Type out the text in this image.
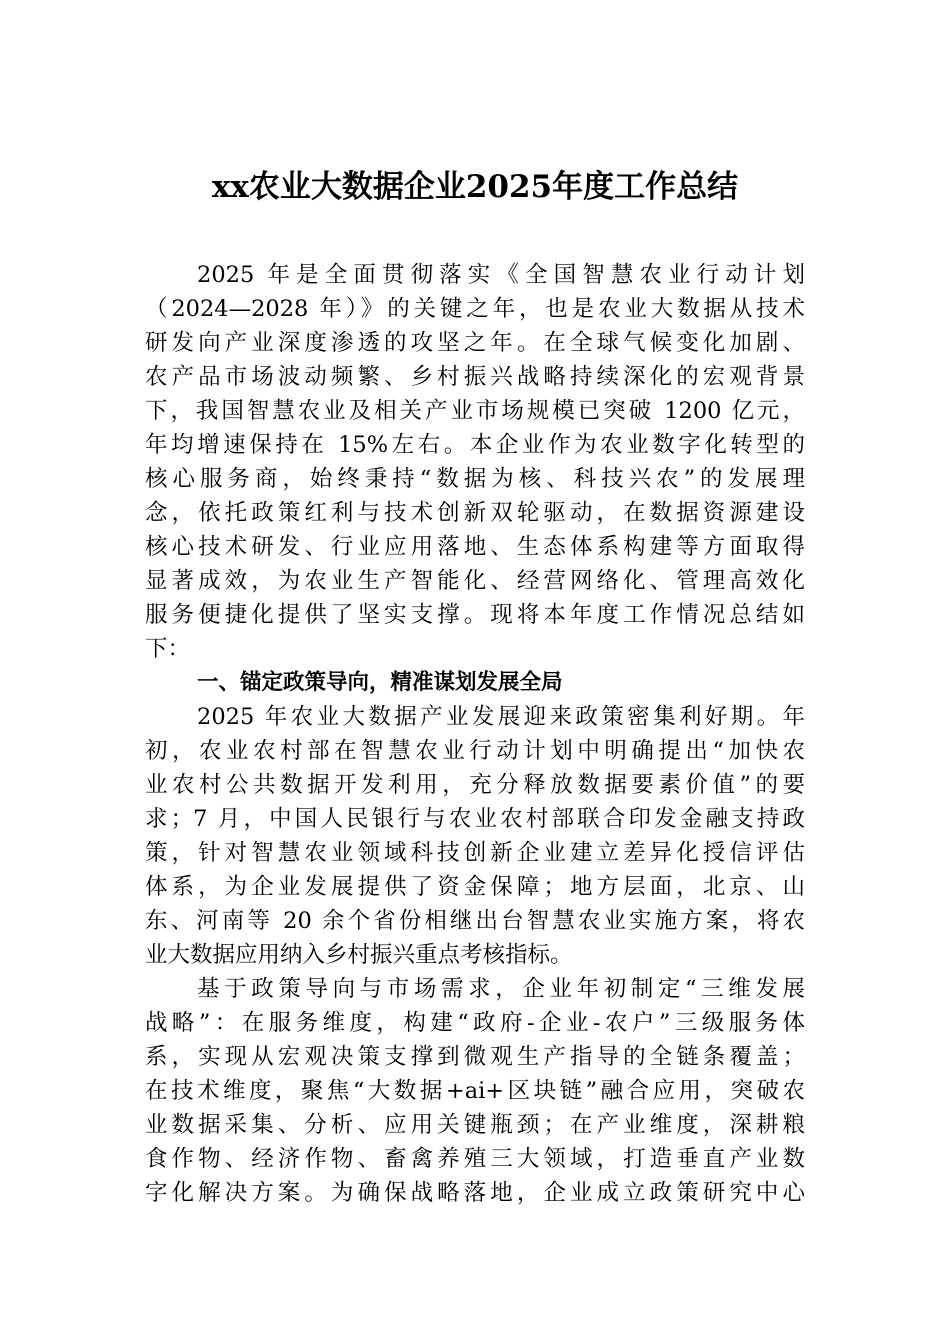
xx农业大数据企业2025年度工作总结
2025 年是全面贯彻落实《全国智慧农业行动计划
（2024—2028 年）》的关键之年，也是农业大数据从技术
研发向产业深度渗透的攻坚之年。在全球气候变化加剧、
农产品市场波动频繁、乡村振兴战略持续深化的宏观背景
下，我国智慧农业及相关产业市场规模已突破 1200 亿元，
年均增速保持在 15%左右。本企业作为农业数字化转型的
核心服务商，始终秉持“数据为核、科技兴农”的发展理
念，依托政策红利与技术创新双轮驱动，在数据资源建设
核心技术研发、行业应用落地、生态体系构建等方面取得
显著成效，为农业生产智能化、经营网络化、管理高效化
服务便捷化提供了坚实支撑。现将本年度工作情况总结如
下：
一、锚定政策导向，精准谋划发展全局
2025 年农业大数据产业发展迎来政策密集利好期。年
初，农业农村部在智慧农业行动计划中明确提出“加快农
业农村公共数据开发利用，充分释放数据要素价值”的要
求；7 月，中国人民银行与农业农村部联合印发金融支持政
策，针对智慧农业领域科技创新企业建立差异化授信评估
体系，为企业发展提供了资金保障；地方层面，北京、山
东、河南等 20 余个省份相继出台智慧农业实施方案，将农
业大数据应用纳入乡村振兴重点考核指标。
基于政策导向与市场需求，企业年初制定“三维发展
战略”：在服务维度，构建“政府-企业-农户”三级服务体
系，实现从宏观决策支撑到微观生产指导的全链条覆盖；
在技术维度，聚焦“大数据+ai+区块链”融合应用，突破农
业数据采集、分析、应用关键瓶颈；在产业维度，深耕粮
食作物、经济作物、畜禽养殖三大领域，打造垂直产业数
字化解决方案。为确保战略落地，企业成立政策研究中心
